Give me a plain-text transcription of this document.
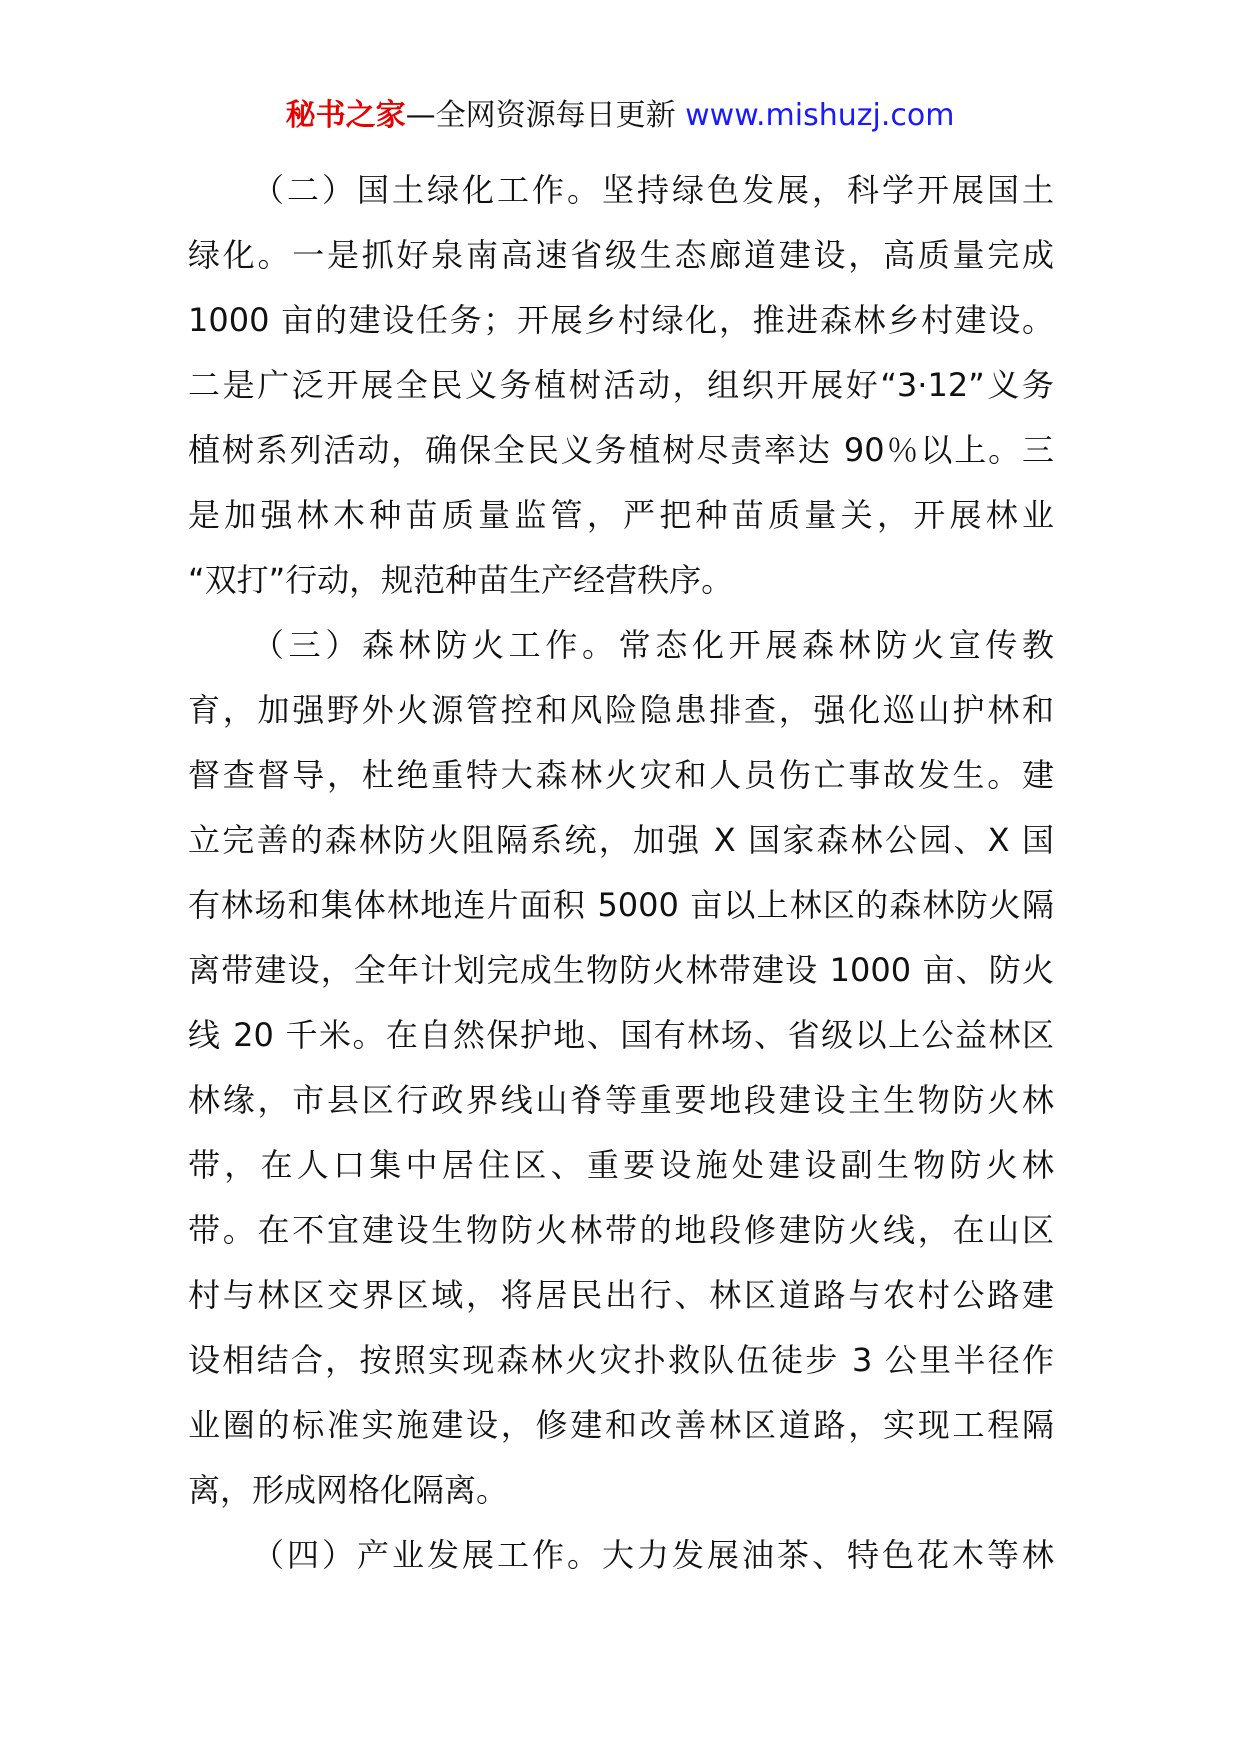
秘书之家—全网资源每日更新 www.mishuzj.com
（二）国土绿化工作。坚持绿色发展，科学开展国土
绿化。一是抓好泉南高速省级生态廊道建设，高质量完成
1000 亩的建设任务；开展乡村绿化，推进森林乡村建设。
二是广泛开展全民义务植树活动，组织开展好“3·12”义务
植树系列活动，确保全民义务植树尽责率达 90％以上。三
是加强林木种苗质量监管，严把种苗质量关，开展林业
“双打”行动，规范种苗生产经营秩序。
（三）森林防火工作。常态化开展森林防火宣传教
育，加强野外火源管控和风险隐患排查，强化巡山护林和
督查督导，杜绝重特大森林火灾和人员伤亡事故发生。建
立完善的森林防火阻隔系统，加强 X 国家森林公园、X 国
有林场和集体林地连片面积 5000 亩以上林区的森林防火隔
离带建设，全年计划完成生物防火林带建设 1000 亩、防火
线 20 千米。在自然保护地、国有林场、省级以上公益林区
林缘，市县区行政界线山脊等重要地段建设主生物防火林
带，在人口集中居住区、重要设施处建设副生物防火林
带。在不宜建设生物防火林带的地段修建防火线，在山区
村与林区交界区域，将居民出行、林区道路与农村公路建
设相结合，按照实现森林火灾扑救队伍徒步 3 公里半径作
业圈的标准实施建设，修建和改善林区道路，实现工程隔
离，形成网格化隔离。
（四）产业发展工作。大力发展油茶、特色花木等林
